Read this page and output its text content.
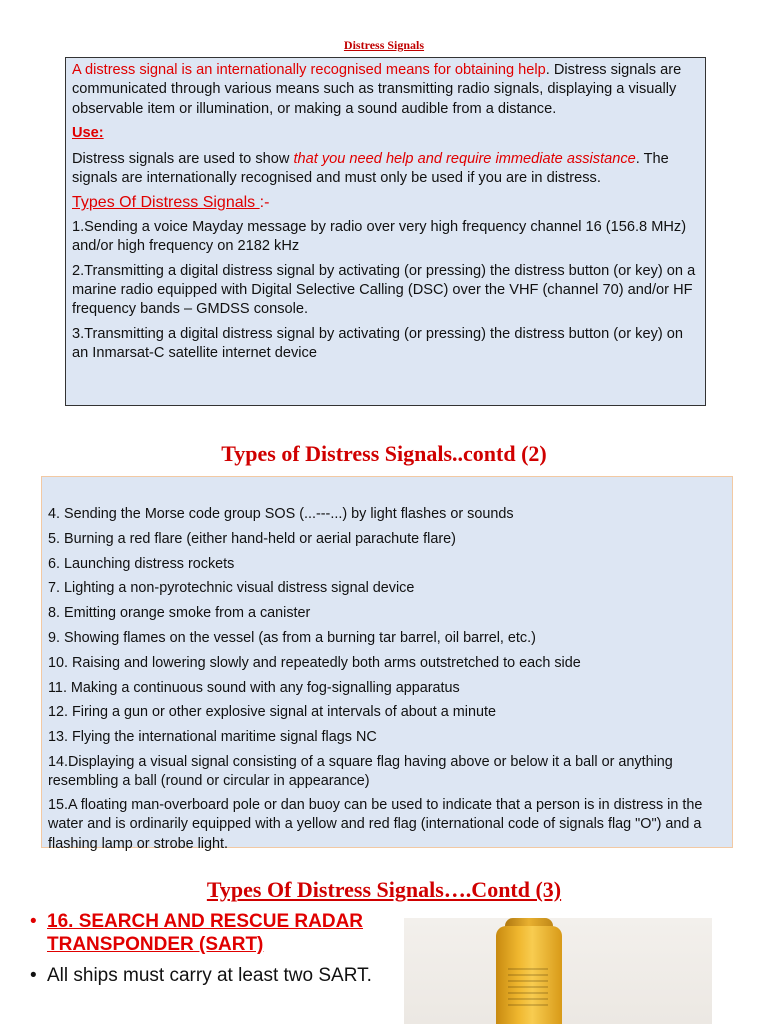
Distress Signals

A distress signal is an internationally recognised means for obtaining help. Distress signals are communicated through various means such as transmitting radio signals, displaying a visually observable item or illumination, or making a sound audible from a distance.

Use:

Distress signals are used to show that you need help and require immediate assistance. The signals are internationally recognised and must only be used if you are in distress.

Types Of Distress Signals :-

1.Sending a voice Mayday message by radio over very high frequency channel 16 (156.8 MHz) and/or high frequency on 2182 kHz

2.Transmitting a digital distress signal by activating (or pressing) the distress button (or key) on a marine radio equipped with Digital Selective Calling (DSC) over the VHF (channel 70) and/or HF frequency bands – GMDSS console.

3.Transmitting a digital distress signal by activating (or pressing) the distress button (or key) on an Inmarsat-C satellite internet device

Types of Distress Signals..contd (2)
4. Sending the Morse code group SOS (...---...) by light flashes or sounds
5. Burning a red flare (either hand-held or aerial parachute flare)
6. Launching distress rockets
7. Lighting a non-pyrotechnic visual distress signal device
8. Emitting orange smoke from a canister
9. Showing flames on the vessel (as from a burning tar barrel, oil barrel, etc.)
10. Raising and lowering slowly and repeatedly both arms outstretched to each side
11. Making a continuous sound with any fog-signalling apparatus
12. Firing a gun or other explosive signal at intervals of about a minute
13. Flying the international maritime signal flags NC
14.Displaying a visual signal consisting of a square flag having above or below it a ball or anything resembling a ball (round or circular in appearance)
15.A floating man-overboard pole or dan buoy can be used to indicate that a person is in distress in the water and is ordinarily equipped with a yellow and red flag (international code of signals flag "O") and a flashing lamp or strobe light.
Types Of Distress Signals….Contd (3)
• 16. SEARCH AND RESCUE RADAR TRANSPONDER (SART)
• All ships must carry at least two SART.
